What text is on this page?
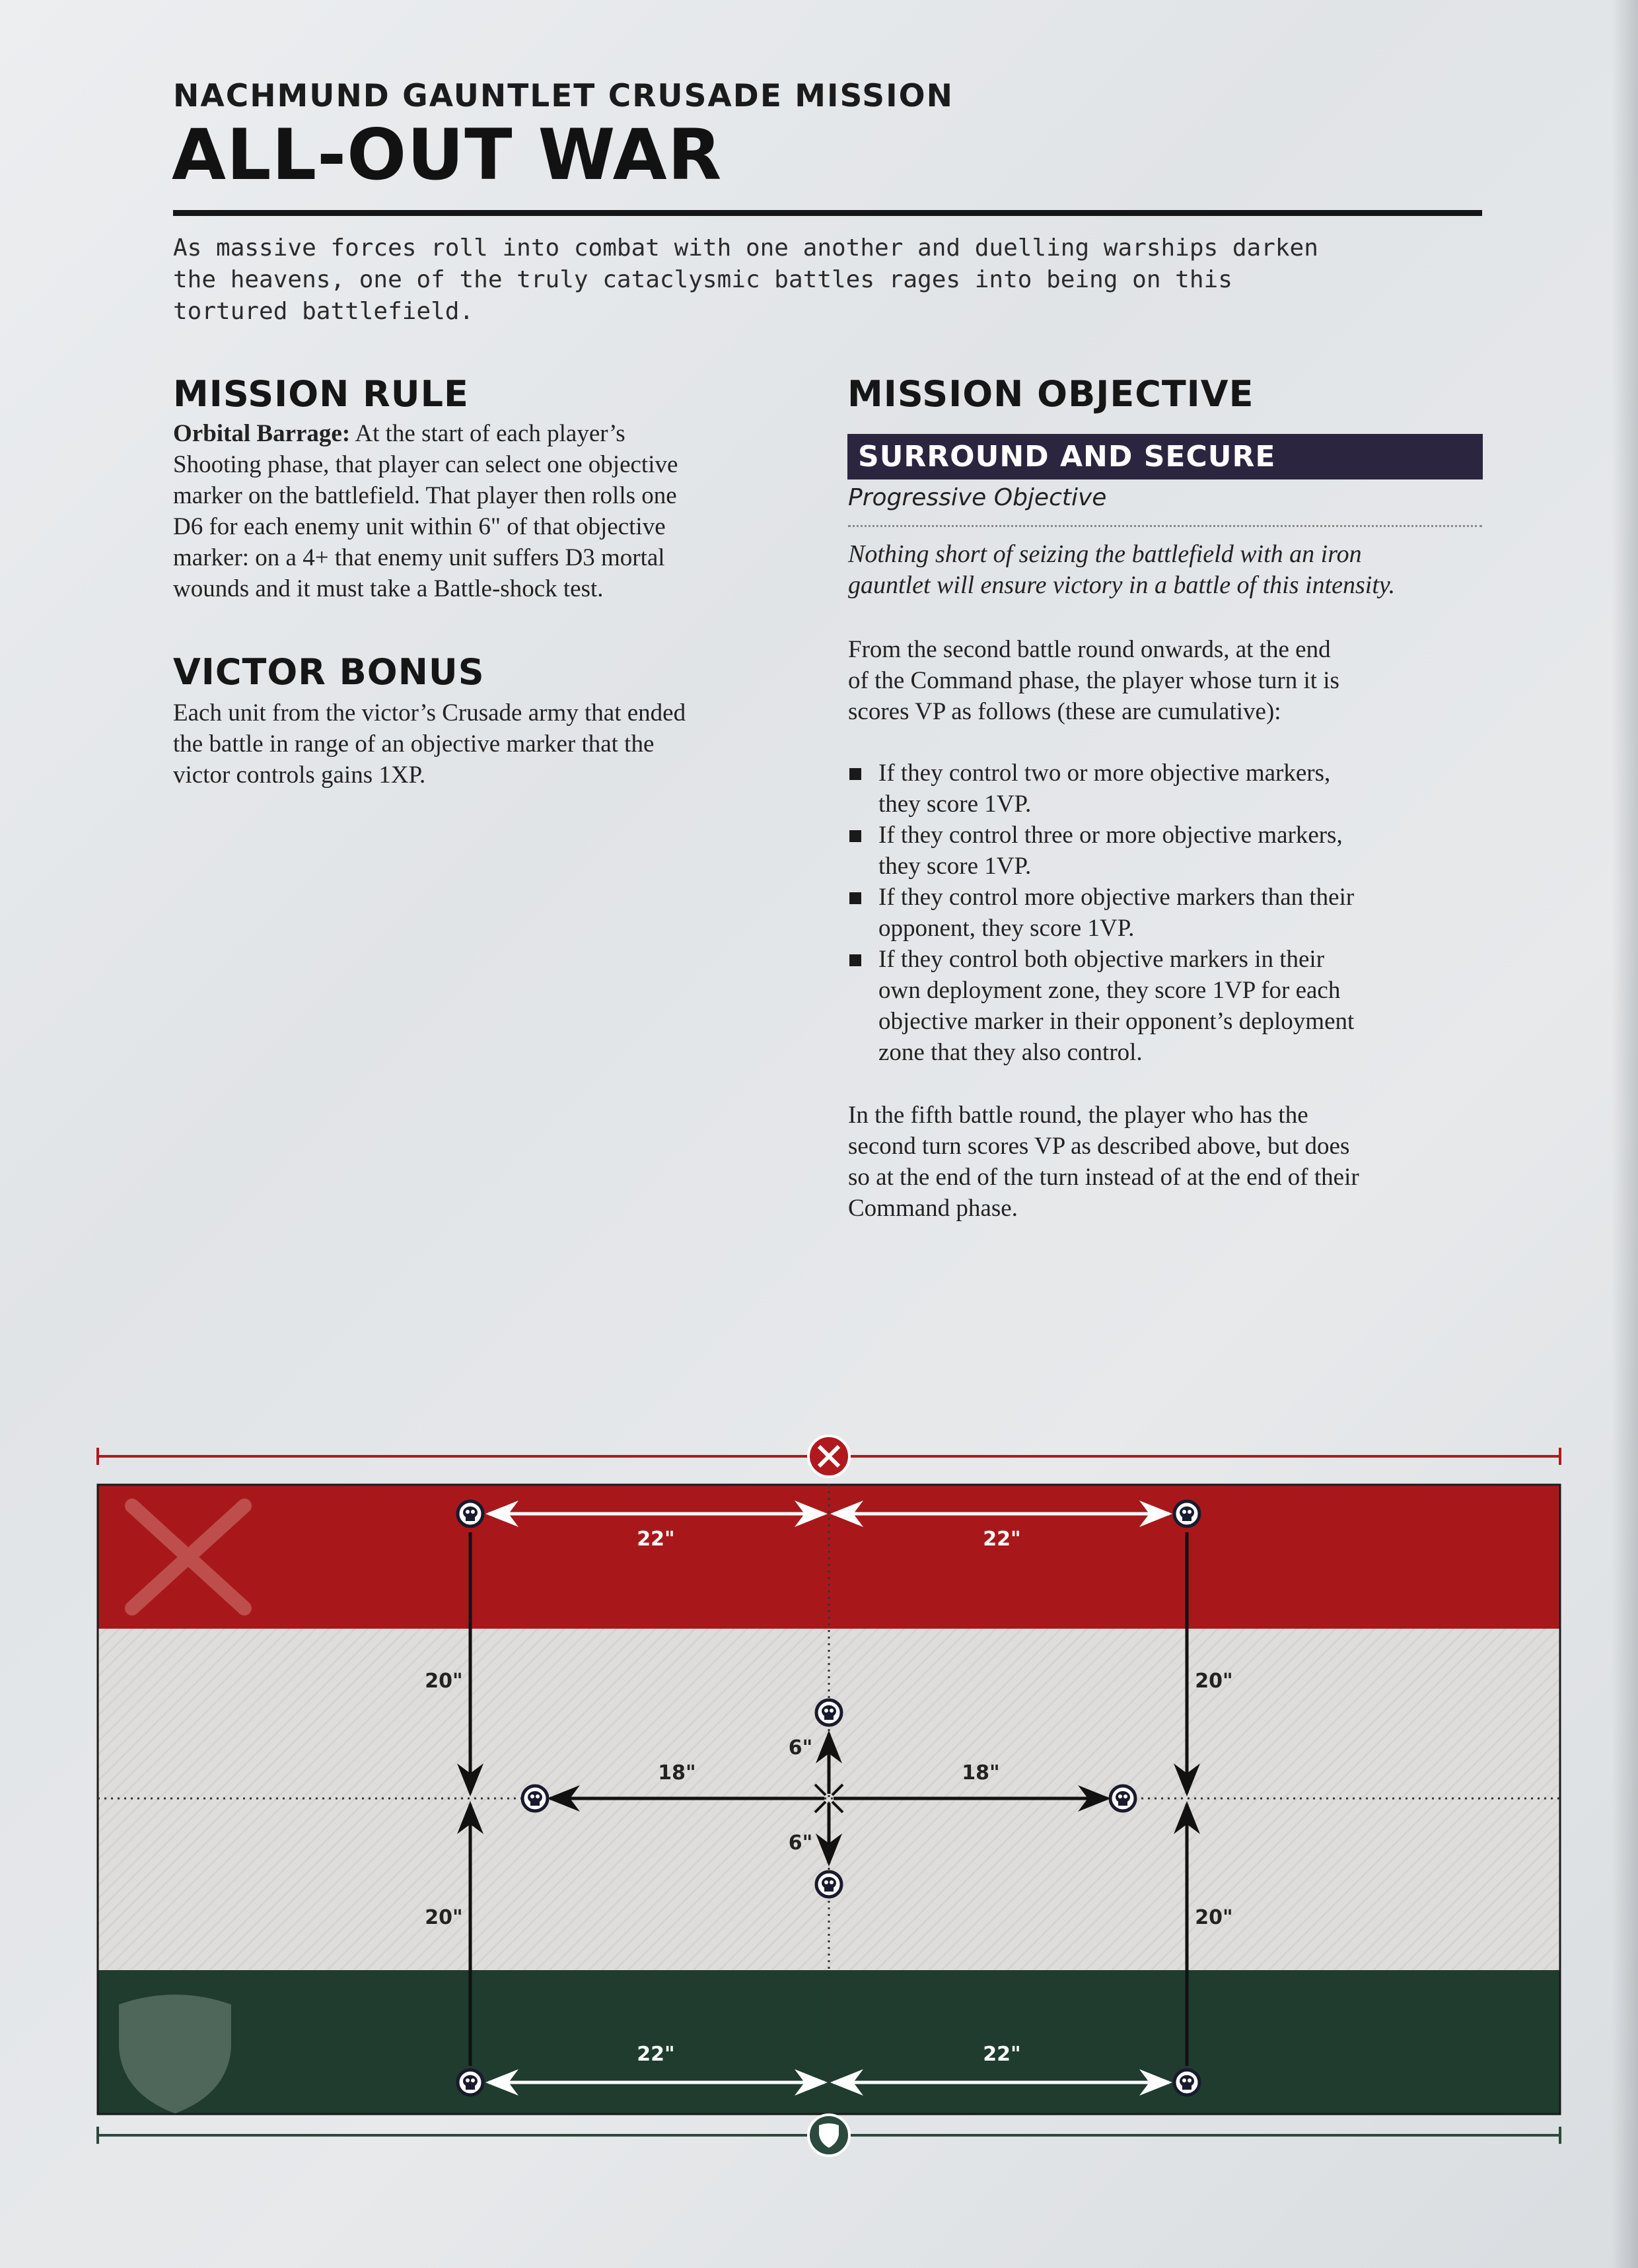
NACHMUND GAUNTLET CRUSADE MISSION
ALL-OUT WAR
As massive forces roll into combat with one another and duelling warships darken
the heavens, one of the truly cataclysmic battles rages into being on this
tortured battlefield.
MISSION RULE
Orbital Barrage: At the start of each player’s
Shooting phase, that player can select one objective
marker on the battlefield. That player then rolls one
D6 for each enemy unit within 6" of that objective
marker: on a 4+ that enemy unit suffers D3 mortal
wounds and it must take a Battle-shock test.
VICTOR BONUS
Each unit from the victor’s Crusade army that ended
the battle in range of an objective marker that the
victor controls gains 1XP.
MISSION OBJECTIVE
SURROUND AND SECURE
Progressive Objective
Nothing short of seizing the battlefield with an iron
gauntlet will ensure victory in a battle of this intensity.
From the second battle round onwards, at the end
of the Command phase, the player whose turn it is
scores VP as follows (these are cumulative):
If they control two or more objective markers,
they score 1VP.
If they control three or more objective markers,
they score 1VP.
If they control more objective markers than their
opponent, they score 1VP.
If they control both objective markers in their
own deployment zone, they score 1VP for each
objective marker in their opponent’s deployment
zone that they also control.
In the fifth battle round, the player who has the
second turn scores VP as described above, but does
so at the end of the turn instead of at the end of their
Command phase.
22"	22"
20"
20"
20"
20"
18"	18"
6"
6"
22"	22"
